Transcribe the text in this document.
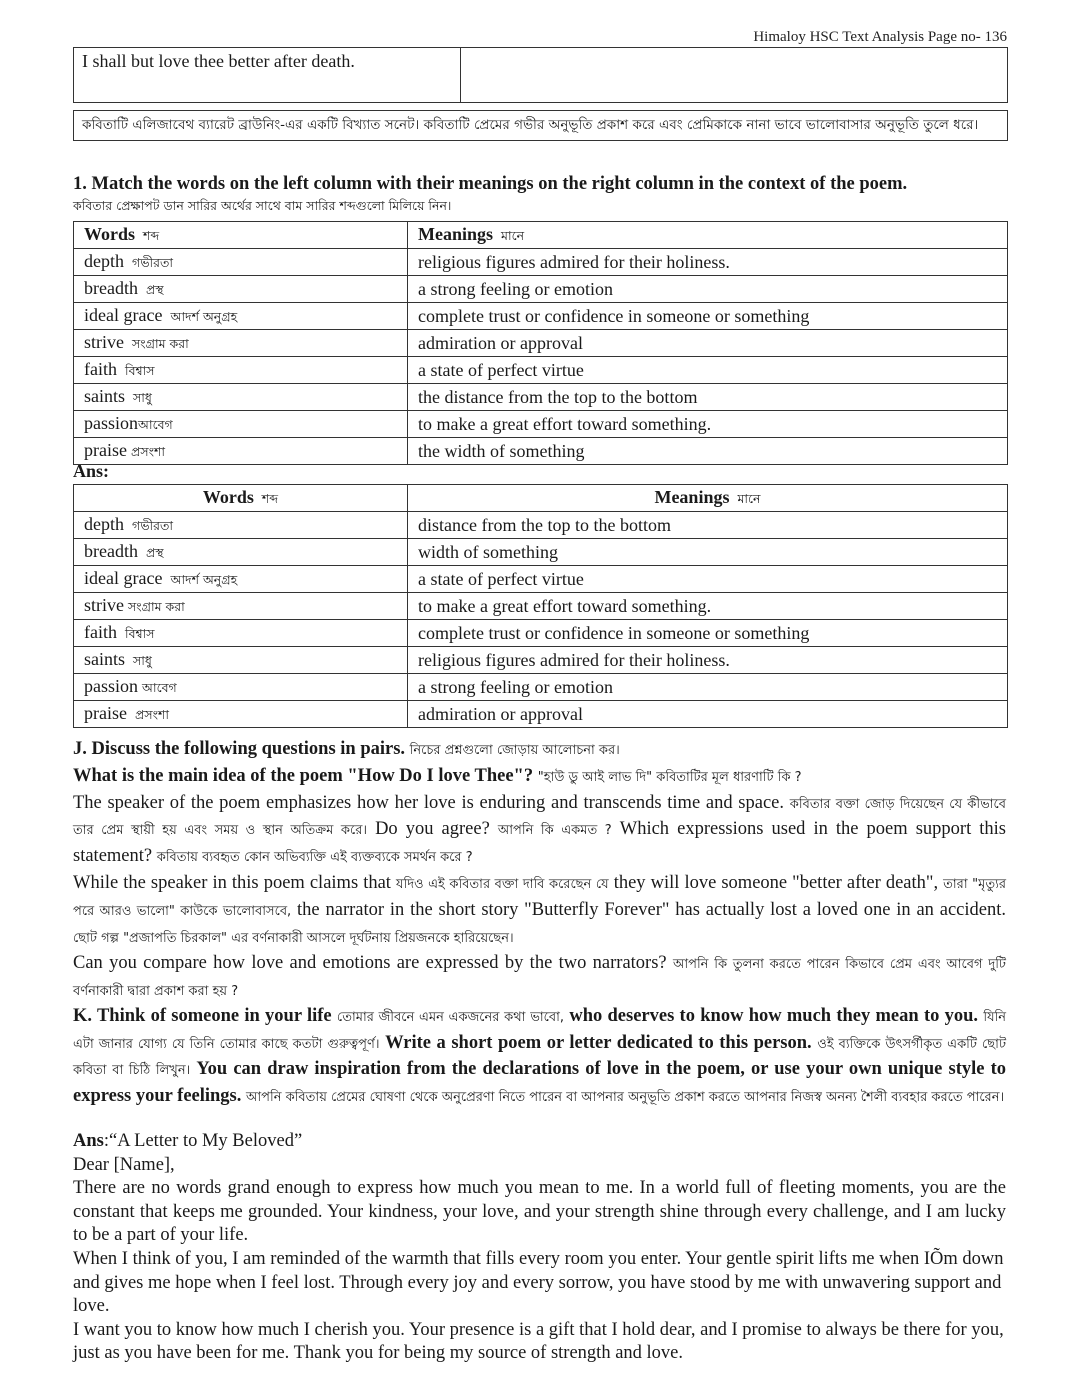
Himaloy HSC Text Analysis Page no- 136
I shall but love thee better after death.	
কবিতাটি এলিজাবেথ ব্যারেট ব্রাউনিং-এর একটি বিখ্যাত সনেট। কবিতাটি প্রেমের গভীর অনুভূতি প্রকাশ করে এবং প্রেমিকাকে নানা ভাবে ভালোবাসার অনুভূতি তুলে ধরে।
1. Match the words on the left column with their meanings on the right column in the context of the poem.
কবিতার প্রেক্ষাপট ডান সারির অর্থের সাথে বাম সারির শব্দগুলো মিলিয়ে নিন।
Words শব্দ	Meanings মানে
depth গভীরতা	religious figures admired for their holiness.
breadth প্রস্থ	a strong feeling or emotion
ideal grace আদর্শ অনুগ্রহ	complete trust or confidence in someone or something
strive সংগ্রাম করা	admiration or approval
faith বিশ্বাস	a state of perfect virtue
saints সাধু	the distance from the top to the bottom
passionআবেগ	to make a great effort toward something.
praise প্রসংশা	the width of something
Ans:
Words শব্দ	Meanings মানে
depth গভীরতা	distance from the top to the bottom
breadth প্রস্থ	width of something
ideal grace আদর্শ অনুগ্রহ	a state of perfect virtue
strive সংগ্রাম করা	to make a great effort toward something.
faith বিশ্বাস	complete trust or confidence in someone or something
saints সাধু	religious figures admired for their holiness.
passion আবেগ	a strong feeling or emotion
praise প্রসংশা	admiration or approval

J. Discuss the following questions in pairs. নিচের প্রশ্নগুলো জোড়ায় আলোচনা কর।

What is the main idea of the poem "How Do I love Thee"? "হাউ ডু আই লাভ দি" কবিতাটির মূল ধারণাটি কি ?

The speaker of the poem emphasizes how her love is enduring and transcends time and space. কবিতার বক্তা জোড় দিয়েছেন যে কীভাবে তার প্রেম স্থায়ী হয় এবং সময় ও স্থান অতিক্রম করে। Do you agree? আপনি কি একমত ? Which expressions used in the poem support this statement? কবিতায় ব্যবহৃত কোন অভিব্যক্তি এই ব্যক্তব্যকে সমর্থন করে ?

While the speaker in this poem claims that যদিও এই কবিতার বক্তা দাবি করেছেন যে they will love someone "better after death", তারা "মৃত্যুর পরে আরও ভালো" কাউকে ভালোবাসবে, the narrator in the short story "Butterfly Forever" has actually lost a loved one in an accident. ছোট গল্প "প্রজাপতি চিরকাল" এর বর্ণনাকারী আসলে দূর্ঘটনায় প্রিয়জনকে হারিয়েছেন।

Can you compare how love and emotions are expressed by the two narrators? আপনি কি তুলনা করতে পারেন কিভাবে প্রেম এবং আবেগ দুটি বর্ণনাকারী দ্বারা প্রকাশ করা হয় ?

K. Think of someone in your life তোমার জীবনে এমন একজনের কথা ভাবো, who deserves to know how much they mean to you. যিনি এটা জানার যোগ্য যে তিনি তোমার কাছে কতটা গুরুত্বপূর্ণ। Write a short poem or letter dedicated to this person. ওই ব্যক্তিকে উৎসর্গীকৃত একটি ছোট কবিতা বা চিঠি লিখুন। You can draw inspiration from the declarations of love in the poem, or use your own unique style to express your feelings. আপনি কবিতায় প্রেমের ঘোষণা থেকে অনুপ্রেরণা নিতে পারেন বা আপনার অনুভূতি প্রকাশ করতে আপনার নিজস্ব অনন্য শৈলী ব্যবহার করতে পারেন।

Ans:“A Letter to My Beloved”

Dear [Name],

There are no words grand enough to express how much you mean to me. In a world full of fleeting moments, you are the constant that keeps me grounded. Your kindness, your love, and your strength shine through every challenge, and I am lucky to be a part of your life.

When I think of you, I am reminded of the warmth that fills every room you enter. Your gentle spirit lifts me when IÕm down and gives me hope when I feel lost. Through every joy and every sorrow, you have stood by me with unwavering support and love.

I want you to know how much I cherish you. Your presence is a gift that I hold dear, and I promise to always be there for you, just as you have been for me. Thank you for being my source of strength and love.
